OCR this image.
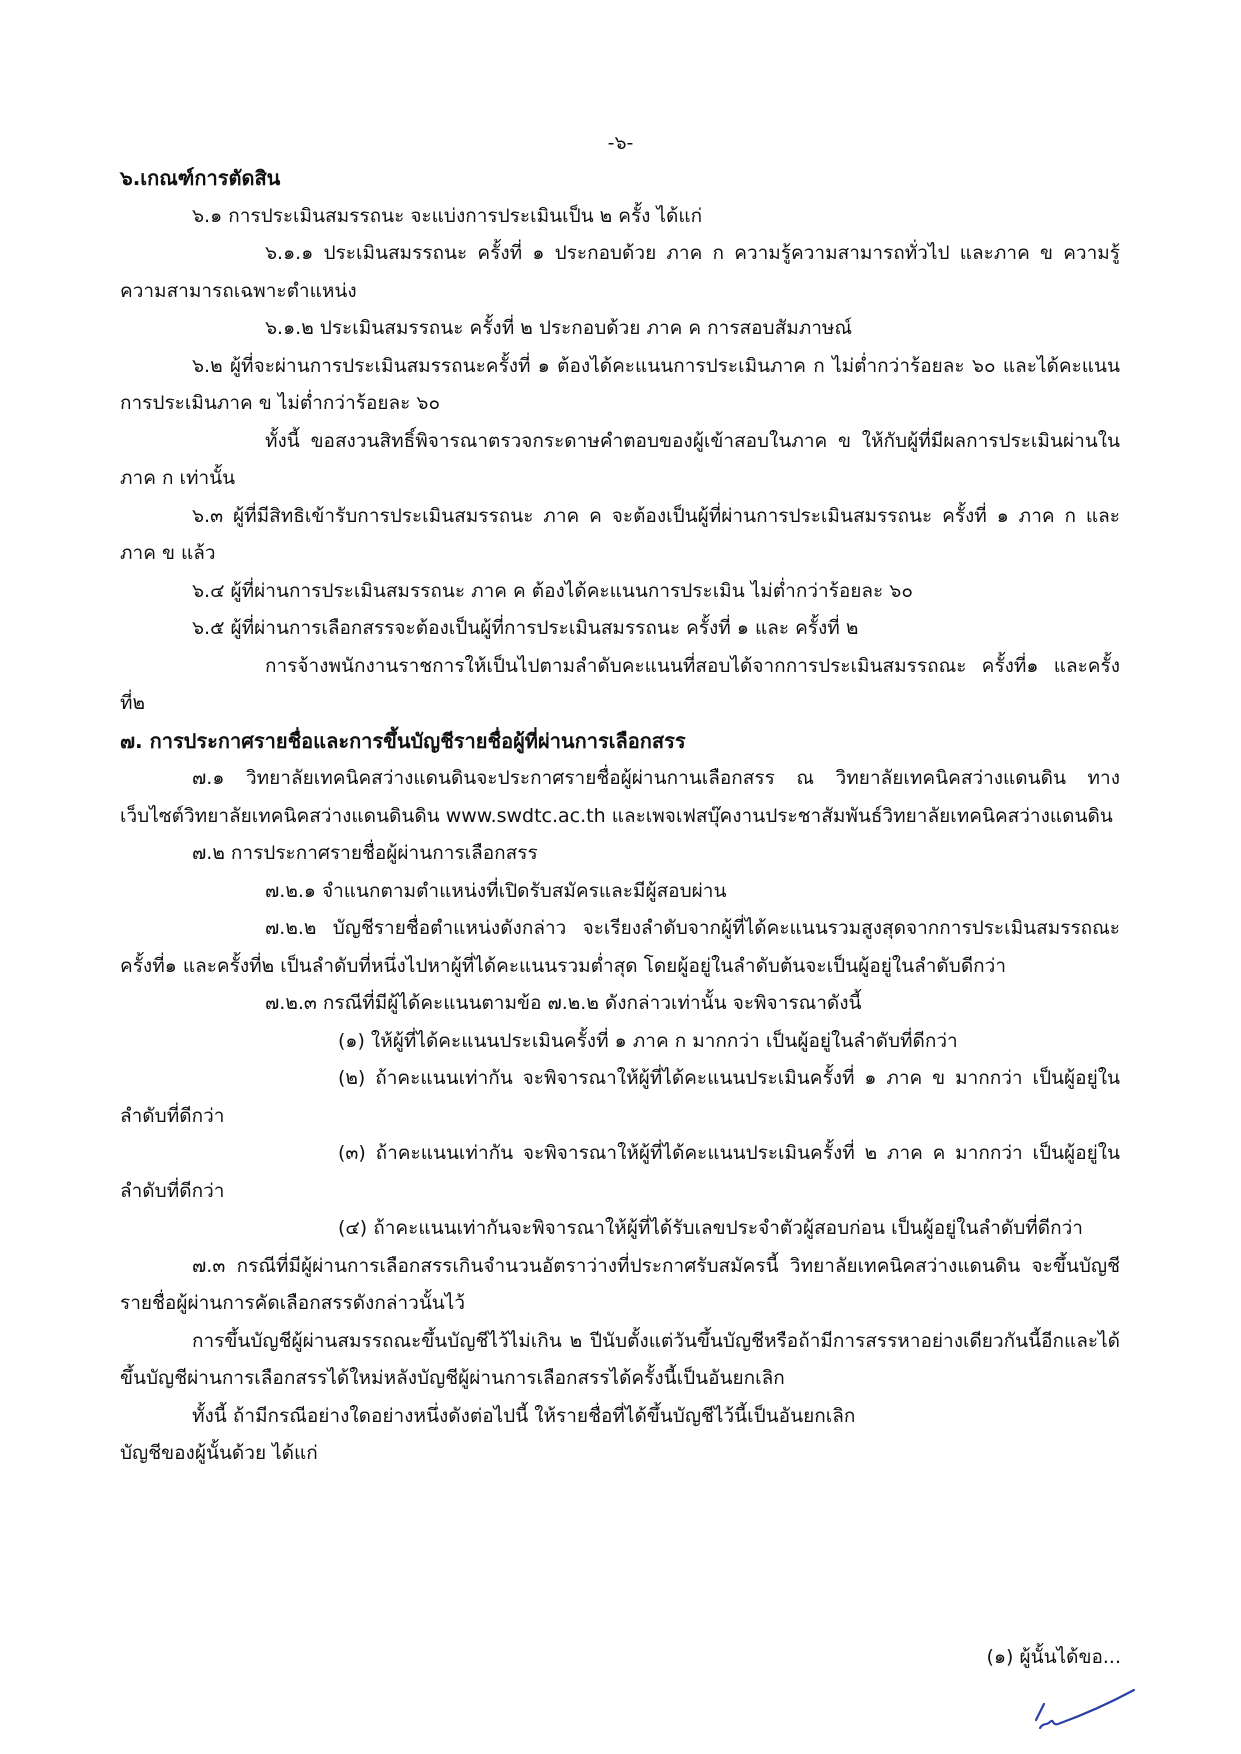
-๖-
๖.เกณฑ์การตัดสิน
๖.๑ การประเมินสมรรถนะ จะแบ่งการประเมินเป็น ๒ ครั้ง ได้แก่
๖.๑.๑ ประเมินสมรรถนะ ครั้งที่ ๑ ประกอบด้วย ภาค ก ความรู้ความสามารถทั่วไป และภาค ข ความรู้ความสามารถเฉพาะตำแหน่ง
๖.๑.๒ ประเมินสมรรถนะ ครั้งที่ ๒ ประกอบด้วย ภาค ค การสอบสัมภาษณ์
๖.๒ ผู้ที่จะผ่านการประเมินสมรรถนะครั้งที่ ๑ ต้องได้คะแนนการประเมินภาค ก ไม่ต่ำกว่าร้อยละ ๖๐ และได้คะแนนการประเมินภาค ข ไม่ต่ำกว่าร้อยละ ๖๐
ทั้งนี้ ขอสงวนสิทธิ์พิจารณาตรวจกระดาษคำตอบของผู้เข้าสอบในภาค ข ให้กับผู้ที่มีผลการประเมินผ่านในภาค ก เท่านั้น
๖.๓ ผู้ที่มีสิทธิเข้ารับการประเมินสมรรถนะ ภาค ค จะต้องเป็นผู้ที่ผ่านการประเมินสมรรถนะ ครั้งที่ ๑ ภาค ก และภาค ข แล้ว
๖.๔ ผู้ที่ผ่านการประเมินสมรรถนะ ภาค ค ต้องได้คะแนนการประเมิน ไม่ต่ำกว่าร้อยละ ๖๐
๖.๕ ผู้ที่ผ่านการเลือกสรรจะต้องเป็นผู้ที่การประเมินสมรรถนะ ครั้งที่ ๑ และ ครั้งที่ ๒
การจ้างพนักงานราชการให้เป็นไปตามลำดับคะแนนที่สอบได้จากการประเมินสมรรถณะ ครั้งที่๑ และครั้งที่๒
๗. การประกาศรายชื่อและการขึ้นบัญชีรายชื่อผู้ที่ผ่านการเลือกสรร
๗.๑ วิทยาลัยเทคนิคสว่างแดนดินจะประกาศรายชื่อผู้ผ่านกานเลือกสรร ณ วิทยาลัยเทคนิคสว่างแดนดิน ทางเว็บไซต์วิทยาลัยเทคนิคสว่างแดนดินดิน www.swdtc.ac.th และเพจเฟสบุ๊คงานประชาสัมพันธ์วิทยาลัยเทคนิคสว่างแดนดิน
๗.๒ การประกาศรายชื่อผู้ผ่านการเลือกสรร
๗.๒.๑ จำแนกตามตำแหน่งที่เปิดรับสมัครและมีผู้สอบผ่าน
๗.๒.๒ บัญชีรายชื่อตำแหน่งดังกล่าว จะเรียงลำดับจากผู้ที่ได้คะแนนรวมสูงสุดจากการประเมินสมรรถณะครั้งที่๑ และครั้งที่๒ เป็นลำดับที่หนึ่งไปหาผู้ที่ได้คะแนนรวมต่ำสุด โดยผู้อยู่ในลำดับต้นจะเป็นผู้อยู่ในลำดับดีกว่า
๗.๒.๓ กรณีที่มีผู้ได้คะแนนตามข้อ ๗.๒.๒ ดังกล่าวเท่านั้น จะพิจารณาดังนี้
(๑) ให้ผู้ที่ได้คะแนนประเมินครั้งที่ ๑ ภาค ก มากกว่า เป็นผู้อยู่ในลำดับที่ดีกว่า
(๒) ถ้าคะแนนเท่ากัน จะพิจารณาให้ผู้ที่ได้คะแนนประเมินครั้งที่ ๑ ภาค ข มากกว่า เป็นผู้อยู่ในลำดับที่ดีกว่า
(๓) ถ้าคะแนนเท่ากัน จะพิจารณาให้ผู้ที่ได้คะแนนประเมินครั้งที่ ๒ ภาค ค มากกว่า เป็นผู้อยู่ในลำดับที่ดีกว่า
(๔) ถ้าคะแนนเท่ากันจะพิจารณาให้ผู้ที่ได้รับเลขประจำตัวผู้สอบก่อน เป็นผู้อยู่ในลำดับที่ดีกว่า
๗.๓ กรณีที่มีผู้ผ่านการเลือกสรรเกินจำนวนอัตราว่างที่ประกาศรับสมัครนี้ วิทยาลัยเทคนิคสว่างแดนดิน จะขึ้นบัญชีรายชื่อผู้ผ่านการคัดเลือกสรรดังกล่าวนั้นไว้
การขึ้นบัญชีผู้ผ่านสมรรถณะขึ้นบัญชีไว้ไม่เกิน ๒ ปีนับตั้งแต่วันขึ้นบัญชีหรือถ้ามีการสรรหาอย่างเดียวกันนี้อีกและได้ขึ้นบัญชีผ่านการเลือกสรรได้ใหม่หลังบัญชีผู้ผ่านการเลือกสรรได้ครั้งนี้เป็นอันยกเลิก
ทั้งนี้ ถ้ามีกรณีอย่างใดอย่างหนึ่งดังต่อไปนี้ ให้รายชื่อที่ได้ขึ้นบัญชีไว้นี้เป็นอันยกเลิก
บัญชีของผู้นั้นด้วย ได้แก่
(๑) ผู้นั้นได้ขอ...
